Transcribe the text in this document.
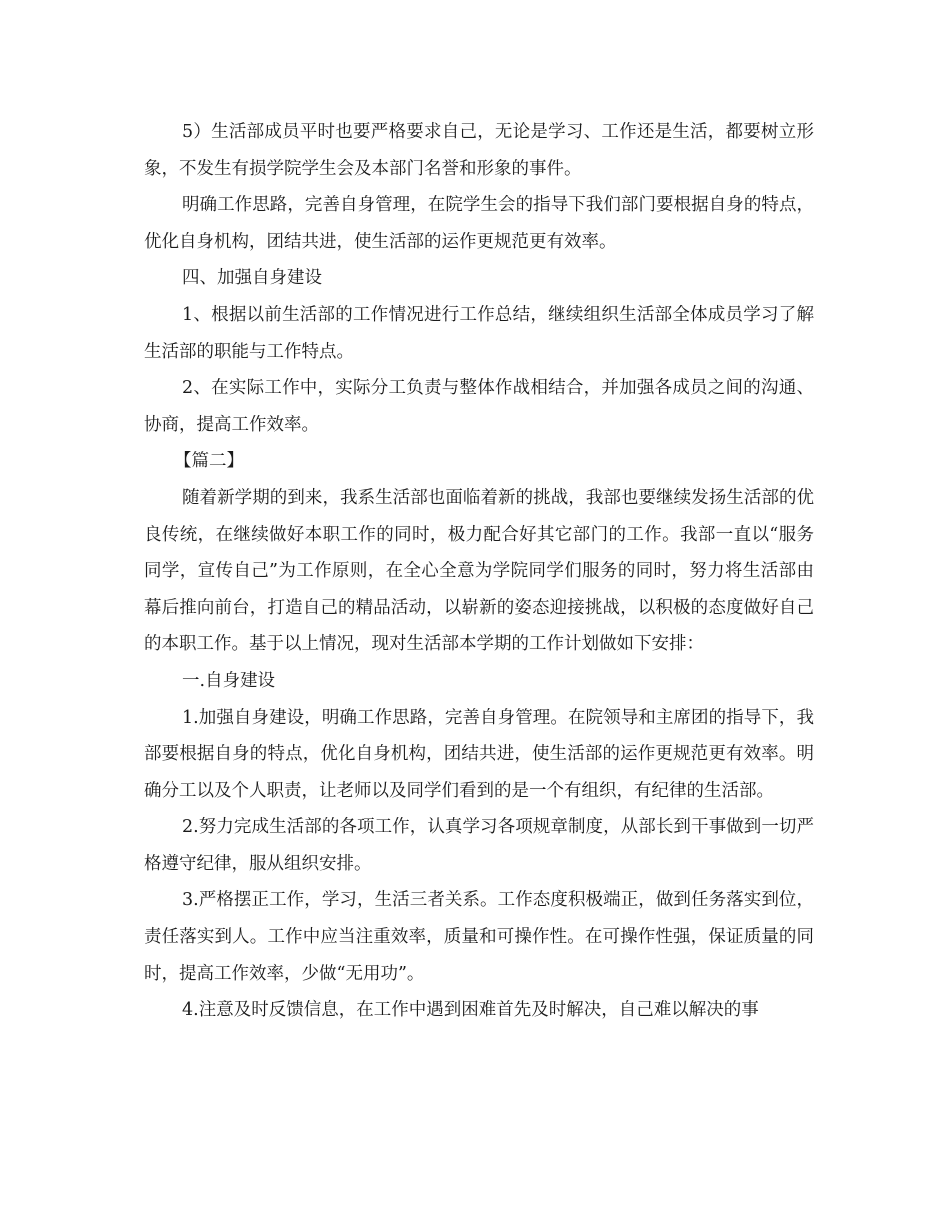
5）生活部成员平时也要严格要求自己，无论是学习、工作还是生活，都要树立形象，不发生有损学院学生会及本部门名誉和形象的事件。

明确工作思路，完善自身管理，在院学生会的指导下我们部门要根据自身的特点，优化自身机构，团结共进，使生活部的运作更规范更有效率。

四、加强自身建设

1、根据以前生活部的工作情况进行工作总结，继续组织生活部全体成员学习了解生活部的职能与工作特点。

2、在实际工作中，实际分工负责与整体作战相结合，并加强各成员之间的沟通、协商，提高工作效率。

【篇二】

随着新学期的到来，我系生活部也面临着新的挑战，我部也要继续发扬生活部的优良传统，在继续做好本职工作的同时，极力配合好其它部门的工作。我部一直以“服务同学，宣传自己”为工作原则，在全心全意为学院同学们服务的同时，努力将生活部由幕后推向前台，打造自己的精品活动，以崭新的姿态迎接挑战，以积极的态度做好自己的本职工作。基于以上情况，现对生活部本学期的工作计划做如下安排：

一.自身建设

1.加强自身建设，明确工作思路，完善自身管理。在院领导和主席团的指导下，我部要根据自身的特点，优化自身机构，团结共进，使生活部的运作更规范更有效率。明确分工以及个人职责，让老师以及同学们看到的是一个有组织，有纪律的生活部。

2.努力完成生活部的各项工作，认真学习各项规章制度，从部长到干事做到一切严格遵守纪律，服从组织安排。

3.严格摆正工作，学习，生活三者关系。工作态度积极端正，做到任务落实到位，责任落实到人。工作中应当注重效率，质量和可操作性。在可操作性强，保证质量的同时，提高工作效率，少做“无用功”。

4.注意及时反馈信息，在工作中遇到困难首先及时解决，自己难以解决的事
